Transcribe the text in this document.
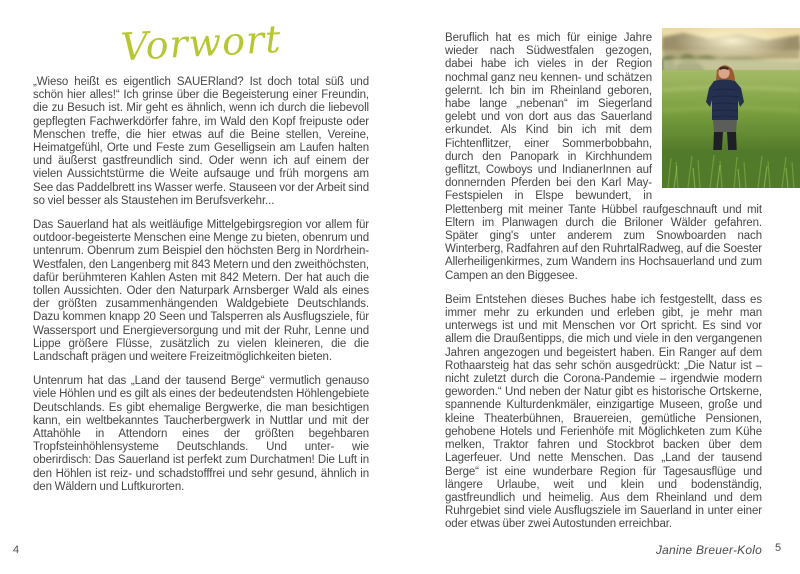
Vorwort

„Wieso heißt es eigentlich SAUERland? Ist doch total süß und schön hier alles!“ Ich grinse über die Begeisterung einer Freundin, die zu Besuch ist. Mir geht es ähnlich, wenn ich durch die liebevoll gepflegten Fachwerkdörfer fahre, im Wald den Kopf freipuste oder Menschen treffe, die hier etwas auf die Beine stellen, Vereine, Heimatgefühl, Orte und Feste zum Geselligsein am Laufen halten und äußerst gastfreundlich sind. Oder wenn ich auf einem der vielen Aussichtstürme die Weite aufsauge und früh morgens am See das Paddelbrett ins Wasser werfe. Stauseen vor der Arbeit sind so viel besser als Staustehen im Berufsverkehr...

Das Sauerland hat als weitläufige Mittelgebirgsregion vor allem für outdoor-begeisterte Menschen eine Menge zu bieten, obenrum und untenrum. Obenrum zum Beispiel den höchsten Berg in Nordrhein-Westfalen, den Langenberg mit 843 Metern und den zweithöchsten, dafür berühmteren Kahlen Asten mit 842 Metern. Der hat auch die tollen Aussichten. Oder den Naturpark Arnsberger Wald als eines der größten zusammenhängenden Waldgebiete Deutschlands. Dazu kommen knapp 20 Seen und Talsperren als Ausflugsziele, für Wassersport und Energieversorgung und mit der Ruhr, Lenne und Lippe größere Flüsse, zusätzlich zu vielen kleineren, die die Landschaft prägen und weitere Freizeitmöglichkeiten bieten.

Untenrum hat das „Land der tausend Berge“ vermutlich genauso viele Höhlen und es gilt als eines der bedeutendsten Höhlengebiete Deutschlands. Es gibt ehemalige Bergwerke, die man besichtigen kann, ein weltbekanntes Taucherbergwerk in Nuttlar und mit der Attahöhle in Attendorn eines der größten begehbaren Tropfsteinhöhlensysteme Deutschlands. Und unter- wie oberirdisch: Das Sauerland ist perfekt zum Durchatmen! Die Luft in den Höhlen ist reiz- und schadstofffrei und sehr gesund, ähnlich in den Wäldern und Luftkurorten.

4

Beruflich hat es mich für einige Jahre wieder nach Südwestfalen gezogen, dabei habe ich vieles in der Region nochmal ganz neu kennen- und schätzen gelernt. Ich bin im Rheinland geboren, habe lange „nebenan“ im Siegerland gelebt und von dort aus das Sauerland erkundet. Als Kind bin ich mit dem Fichtenflitzer, einer Sommerbobbahn, durch den Panopark in Kirchhundem geflitzt, Cowboys und IndianerInnen auf donnernden Pferden bei den Karl May-Festspielen in Elspe bewundert, in Plettenberg mit meiner Tante Hübbel raufgeschnauft und mit Eltern im Planwagen durch die Briloner Wälder gefahren. Später ging's unter anderem zum Snowboarden nach Winterberg, Radfahren auf den RuhrtalRadweg, auf die Soester Allerheiligenkirmes, zum Wandern ins Hochsauerland und zum Campen an den Biggesee.

Beim Entstehen dieses Buches habe ich festgestellt, dass es immer mehr zu erkunden und erleben gibt, je mehr man unterwegs ist und mit Menschen vor Ort spricht. Es sind vor allem die Draußentipps, die mich und viele in den vergangenen Jahren angezogen und begeistert haben. Ein Ranger auf dem Rothaarsteig hat das sehr schön ausgedrückt: „Die Natur ist – nicht zuletzt durch die Corona-Pandemie – irgendwie modern geworden.“ Und neben der Natur gibt es historische Ortskerne, spannende Kulturdenkmäler, einzigartige Museen, große und kleine Theaterbühnen, Brauereien, gemütliche Pensionen, gehobene Hotels und Ferienhöfe mit Möglichketen zum Kühe melken, Traktor fahren und Stockbrot backen über dem Lagerfeuer. Und nette Menschen. Das „Land der tausend Berge“ ist eine wunderbare Region für Tagesausflüge und längere Urlaube, weit und klein und bodenständig, gastfreundlich und heimelig. Aus dem Rheinland und dem Ruhrgebiet sind viele Ausflugsziele im Sauerland in unter einer oder etwas über zwei Autostunden erreichbar.

Janine Breuer-Kolo 5
